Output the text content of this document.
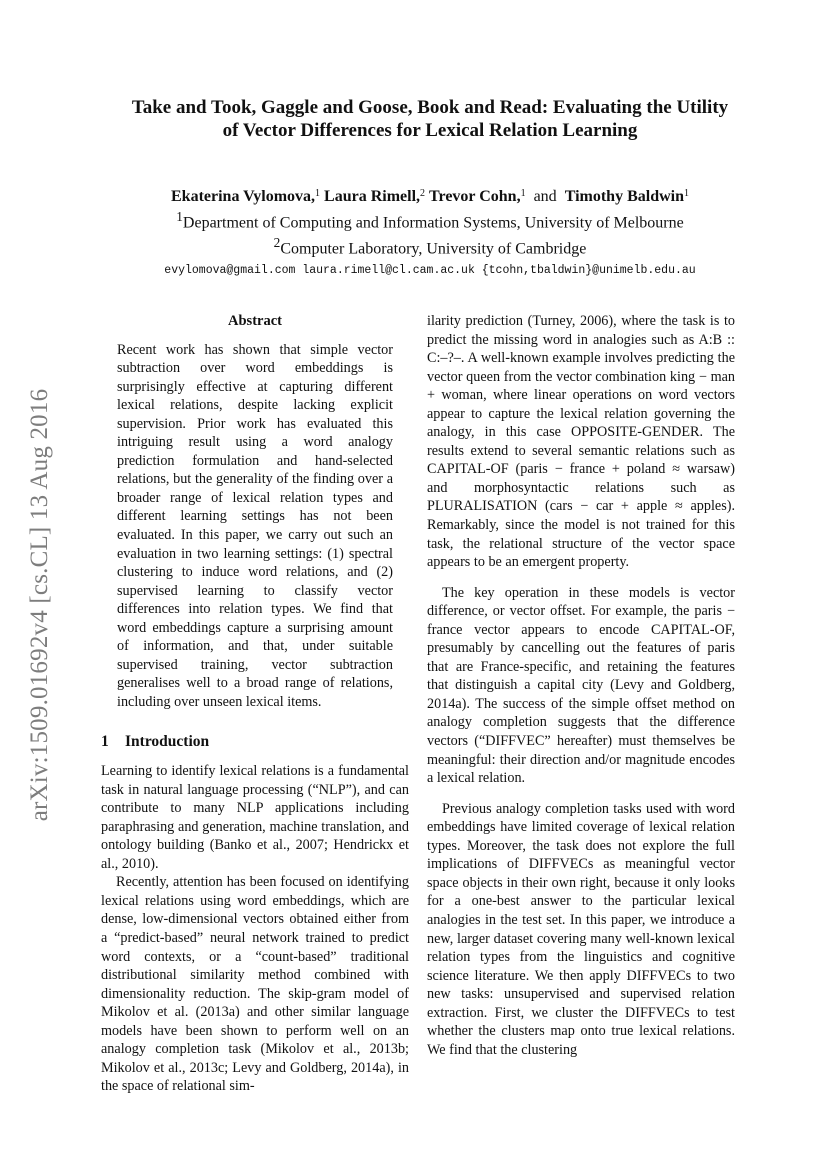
arXiv:1509.01692v4 [cs.CL] 13 Aug 2016
Take and Took, Gaggle and Goose, Book and Read: Evaluating the Utility
of Vector Differences for Lexical Relation Learning
Ekaterina Vylomova,$^1$ Laura Rimell,$^2$ Trevor Cohn,$^1$ and Timothy Baldwin$^1$
$^1$Department of Computing and Information Systems, University of Melbourne
$^2$Computer Laboratory, University of Cambridge
evylomova@gmail.com laura.rimell@cl.cam.ac.uk {tcohn,tbaldwin}@unimelb.edu.au
Abstract

Recent work has shown that simple vector subtraction over word embeddings is surprisingly effective at capturing different lexical relations, despite lacking explicit supervision. Prior work has evaluated this intriguing result using a word analogy prediction formulation and hand-selected relations, but the generality of the finding over a broader range of lexical relation types and different learning settings has not been evaluated. In this paper, we carry out such an evaluation in two learning settings: (1) spectral clustering to induce word relations, and (2) supervised learning to classify vector differences into relation types. We find that word embeddings capture a surprising amount of information, and that, under suitable supervised training, vector subtraction generalises well to a broad range of relations, including over unseen lexical items.

1 Introduction

Learning to identify lexical relations is a fundamental task in natural language processing (“NLP”), and can contribute to many NLP applications including paraphrasing and generation, machine translation, and ontology building (Banko et al., 2007; Hendrickx et al., 2010).

Recently, attention has been focused on identifying lexical relations using word embeddings, which are dense, low-dimensional vectors obtained either from a “predict-based” neural network trained to predict word contexts, or a “count-based” traditional distributional similarity method combined with dimensionality reduction. The skip-gram model of Mikolov et al. (2013a) and other similar language models have been shown to perform well on an analogy completion task (Mikolov et al., 2013b; Mikolov et al., 2013c; Levy and Goldberg, 2014a), in the space of relational sim-

ilarity prediction (Turney, 2006), where the task is to predict the missing word in analogies such as A:B :: C:–?–. A well-known example involves predicting the vector queen from the vector combination king − man + woman, where linear operations on word vectors appear to capture the lexical relation governing the analogy, in this case OPPOSITE-GENDER. The results extend to several semantic relations such as CAPITAL-OF (paris − france + poland ≈ warsaw) and morphosyntactic relations such as PLURALISATION (cars − car + apple ≈ apples). Remarkably, since the model is not trained for this task, the relational structure of the vector space appears to be an emergent property.

The key operation in these models is vector difference, or vector offset. For example, the paris − france vector appears to encode CAPITAL-OF, presumably by cancelling out the features of paris that are France-specific, and retaining the features that distinguish a capital city (Levy and Goldberg, 2014a). The success of the simple offset method on analogy completion suggests that the difference vectors (“DIFFVEC” hereafter) must themselves be meaningful: their direction and/or magnitude encodes a lexical relation.

Previous analogy completion tasks used with word embeddings have limited coverage of lexical relation types. Moreover, the task does not explore the full implications of DIFFVECs as meaningful vector space objects in their own right, because it only looks for a one-best answer to the particular lexical analogies in the test set. In this paper, we introduce a new, larger dataset covering many well-known lexical relation types from the linguistics and cognitive science literature. We then apply DIFFVECs to two new tasks: unsupervised and supervised relation extraction. First, we cluster the DIFFVECs to test whether the clusters map onto true lexical relations. We find that the clustering
